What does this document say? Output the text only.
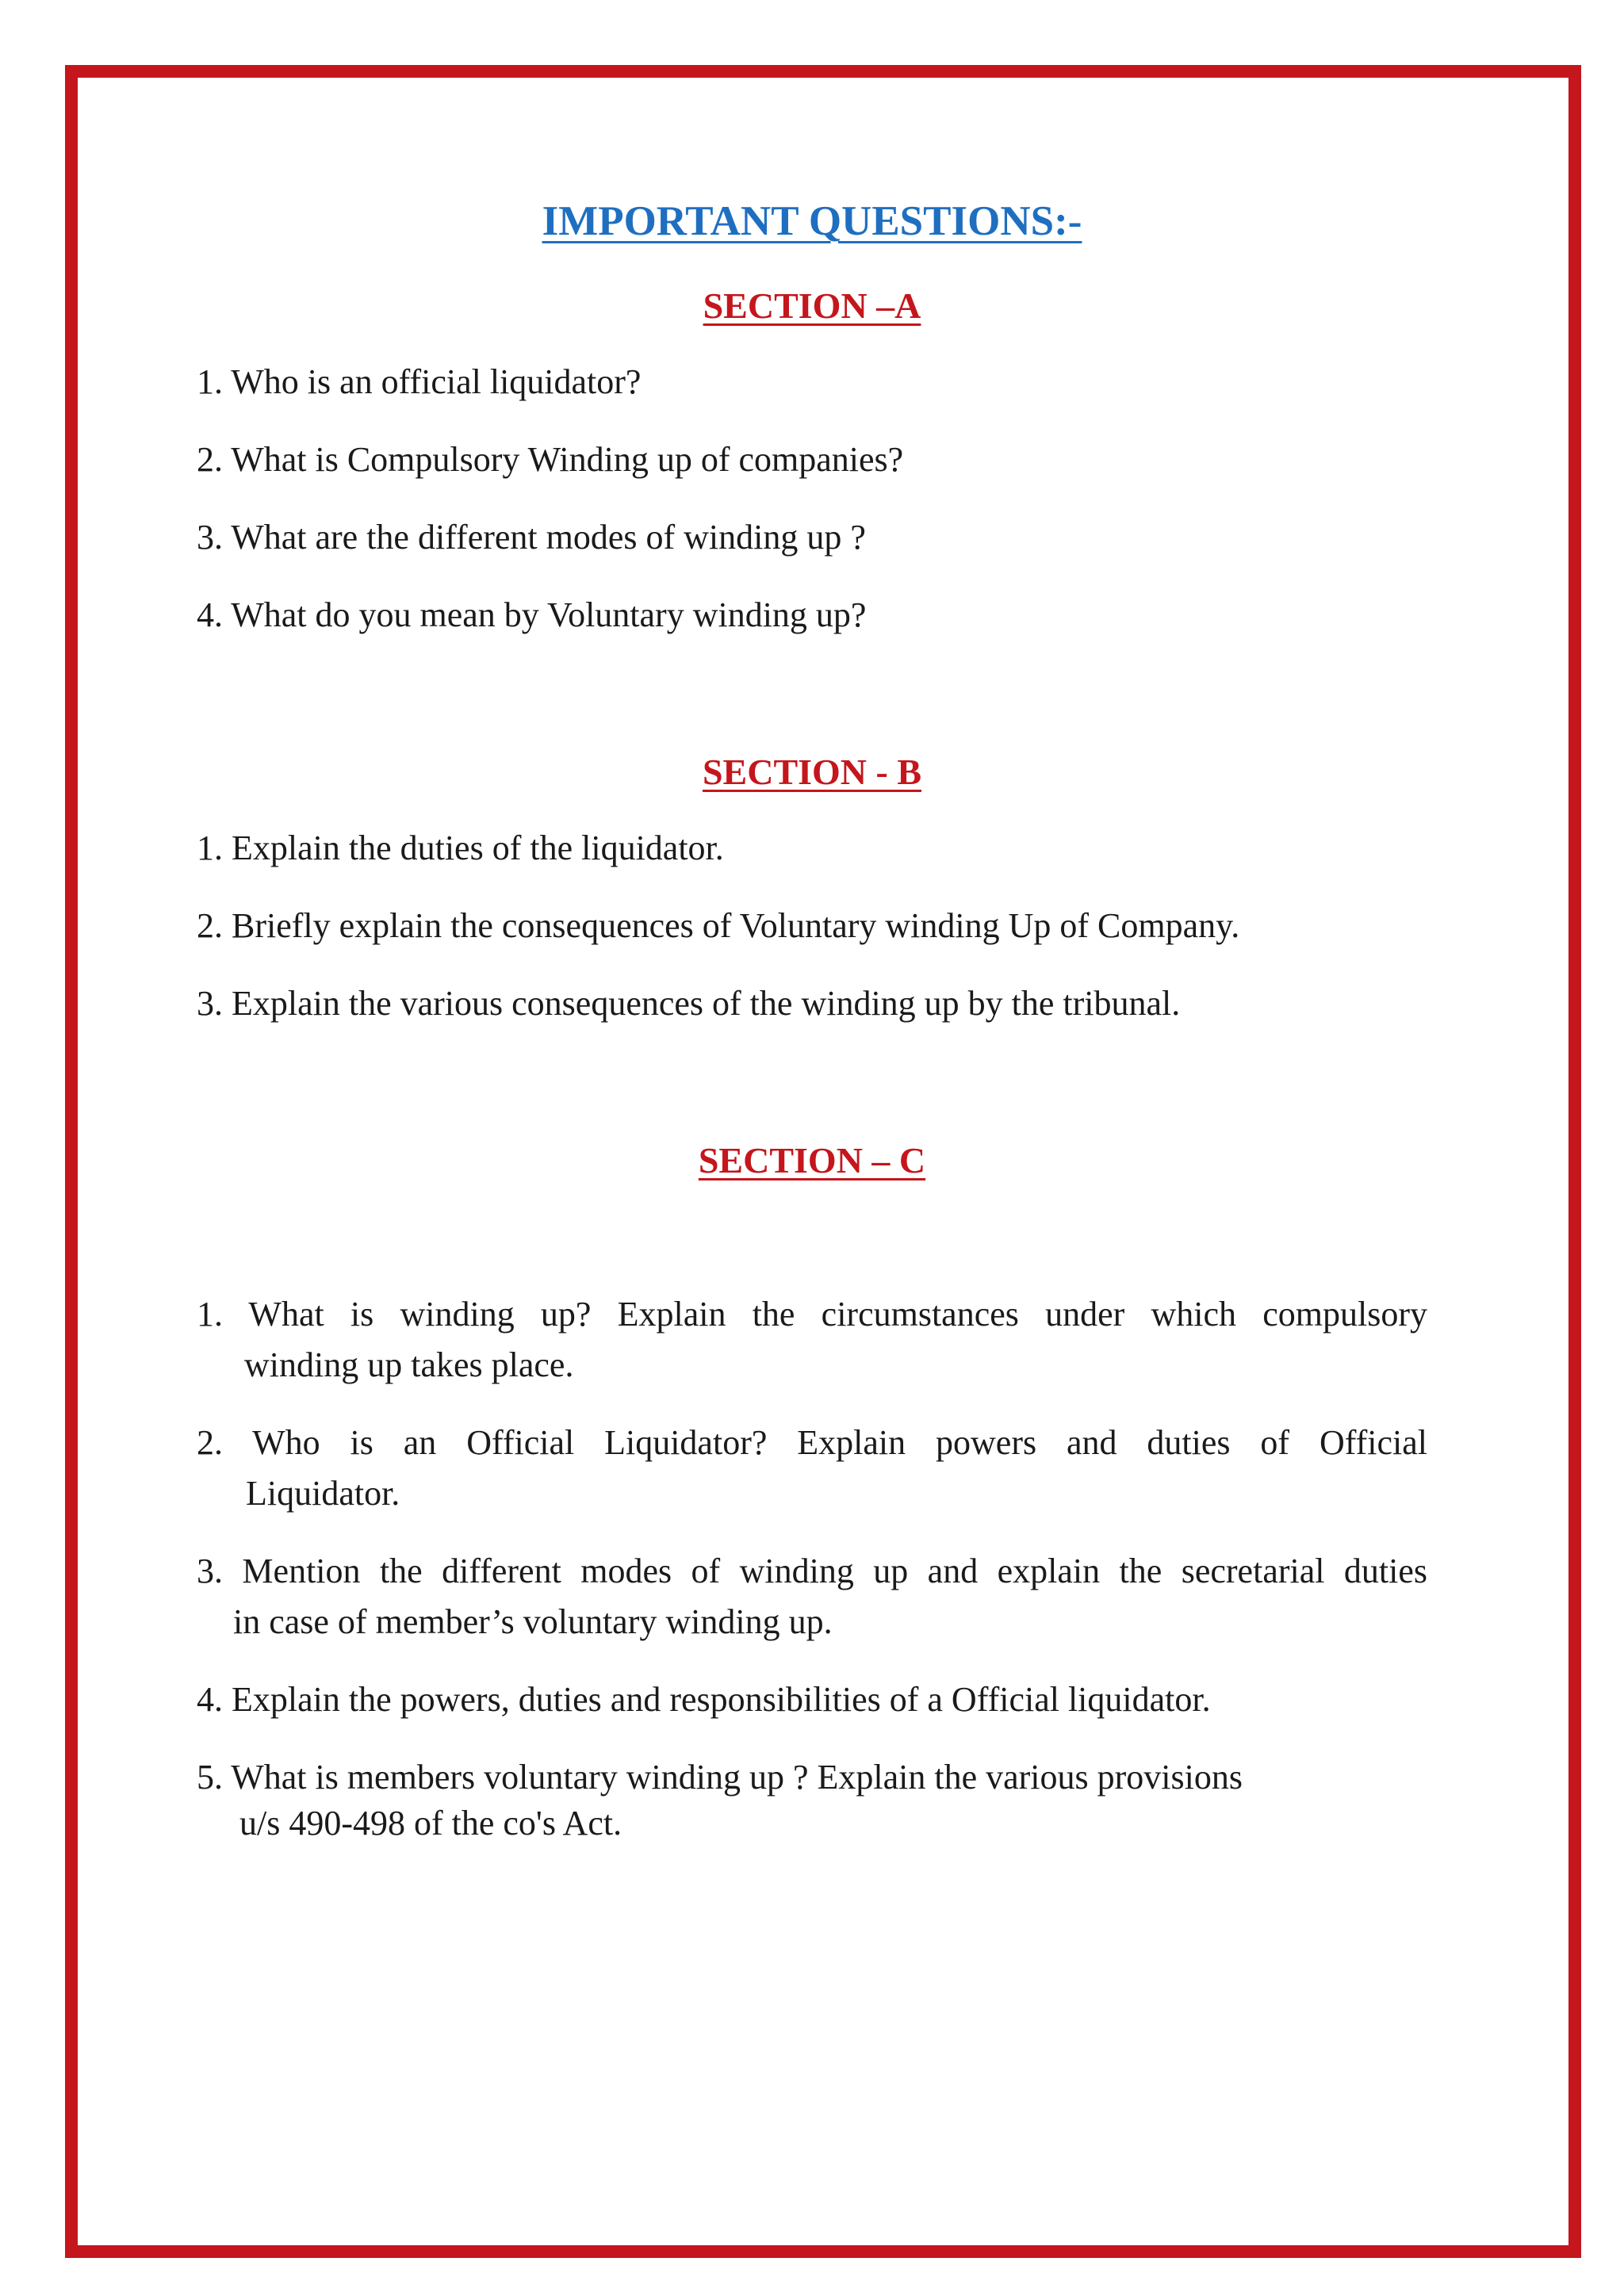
IMPORTANT QUESTIONS:-
SECTION –A
1. Who is an official liquidator?
2. What is Compulsory Winding up of companies?
3. What are the different modes of winding up ?
4. What do you mean by Voluntary winding up?
SECTION - B
1. Explain the duties of the liquidator.
2. Briefly explain the consequences of Voluntary winding Up of Company.
3. Explain the various consequences of the winding up by the tribunal.
SECTION – C
1. What is winding up? Explain the circumstances under which compulsory
winding up takes place.
2. Who is an Official Liquidator? Explain powers and duties of Official
Liquidator.
3. Mention the different modes of winding up and explain the secretarial duties
in case of member’s voluntary winding up.
4. Explain the powers, duties and responsibilities of a Official liquidator.
5. What is members voluntary winding up ? Explain the various provisions
u/s 490-498 of the co's Act.
